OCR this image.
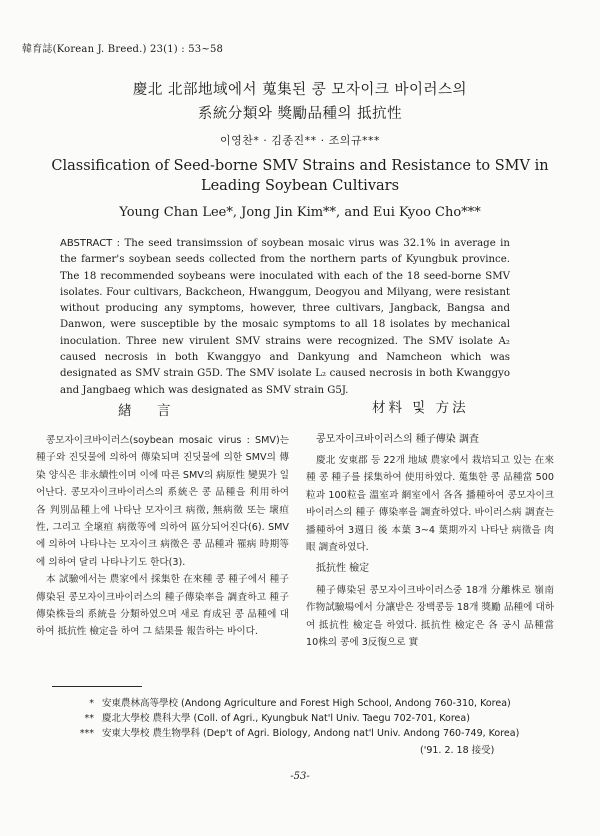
韓育誌(Korean J. Breed.) 23(1) : 53~58
慶北 北部地域에서 蒐集된 콩 모자이크 바이러스의
系統分類와 獎勵品種의 抵抗性
이영찬* · 김종진** · 조의규***
Classification of Seed-borne SMV Strains and Resistance to SMV in Leading Soybean Cultivars
Young Chan Lee*, Jong Jin Kim**, and Eui Kyoo Cho***
ABSTRACT : The seed transimssion of soybean mosaic virus was 32.1% in average in the farmer's soybean seeds collected from the northern parts of Kyungbuk province. The 18 recommended soybeans were inoculated with each of the 18 seed-borne SMV isolates. Four cultivars, Backcheon, Hwanggum, Deogyou and Milyang, were resistant without producing any symptoms, however, three cultivars, Jangback, Bangsa and Danwon, were susceptible by the mosaic symptoms to all 18 isolates by mechanical inoculation. Three new virulent SMV strains were recognized. The SMV isolate A₂ caused necrosis in both Kwanggyo and Dankyung and Namcheon which was designated as SMV strain G5D. The SMV isolate L₂ caused necrosis in both Kwanggyo and Jangbaeg which was designated as SMV strain G5J.
緖　言

콩모자이크바이러스(soybean mosaic virus : SMV)는 種子와 진딧물에 의하여 傳染되며 진딧물에 의한 SMV의 傳染 양식은 非永續性이며 이에 따른 SMV의 病原性 變異가 일어난다. 콩모자이크바이러스의 系統은 콩 品種을 利用하여 各 判別品種上에 나타난 모자이크 病徵, 無病徵 또는 壞疸性, 그리고 全壞疸 病徵等에 의하여 區分되어진다(6). SMV에 의하여 나타나는 모자이크 病徵은 콩 品種과 罹病 時期等에 의하여 달리 나타나기도 한다(3).

本 試驗에서는 農家에서 採集한 在來種 콩 種子에서 種子傳染된 콩모자이크바이러스의 種子傳染率을 調査하고 種子 傳染株들의 系統을 分類하였으며 새로 育成된 콩 品種에 대하여 抵抗性 檢定을 하여 그 結果를 報告하는 바이다.

材料 및 方法
콩모자이크바이러스의 種子傳染 調査

慶北 安東郡 등 22개 地域 農家에서 栽培되고 있는 在來種 콩 種子를 採集하여 使用하였다. 蒐集한 콩 品種當 500粒과 100粒을 溫室과 網室에서 各各 播種하여 콩모자이크바이러스의 種子 傳染率을 調査하였다. 바이러스病 調査는 播種하여 3週日 後 本葉 3~4 葉期까지 나타난 病徵을 肉眼 調査하였다.

抵抗性 檢定

種子傳染된 콩모자이크바이러스중 18개 分離株로 嶺南作物試驗場에서 分讓받은 장백콩등 18개 獎勵 品種에 대하여 抵抗性 檢定을 하였다. 抵抗性 檢定은 各 공시 品種當 10株의 콩에 3反復으로 實

* 安東農林高等學校 (Andong Agriculture and Forest High School, Andong 760-310, Korea)
** 慶北大學校 農科大學 (Coll. of Agri., Kyungbuk Nat'l Univ. Taegu 702-701, Korea)
*** 安東大學校 農生物學科 (Dep't of Agri. Biology, Andong nat'l Univ. Andong 760-749, Korea)
('91. 2. 18 接受)
-53-
